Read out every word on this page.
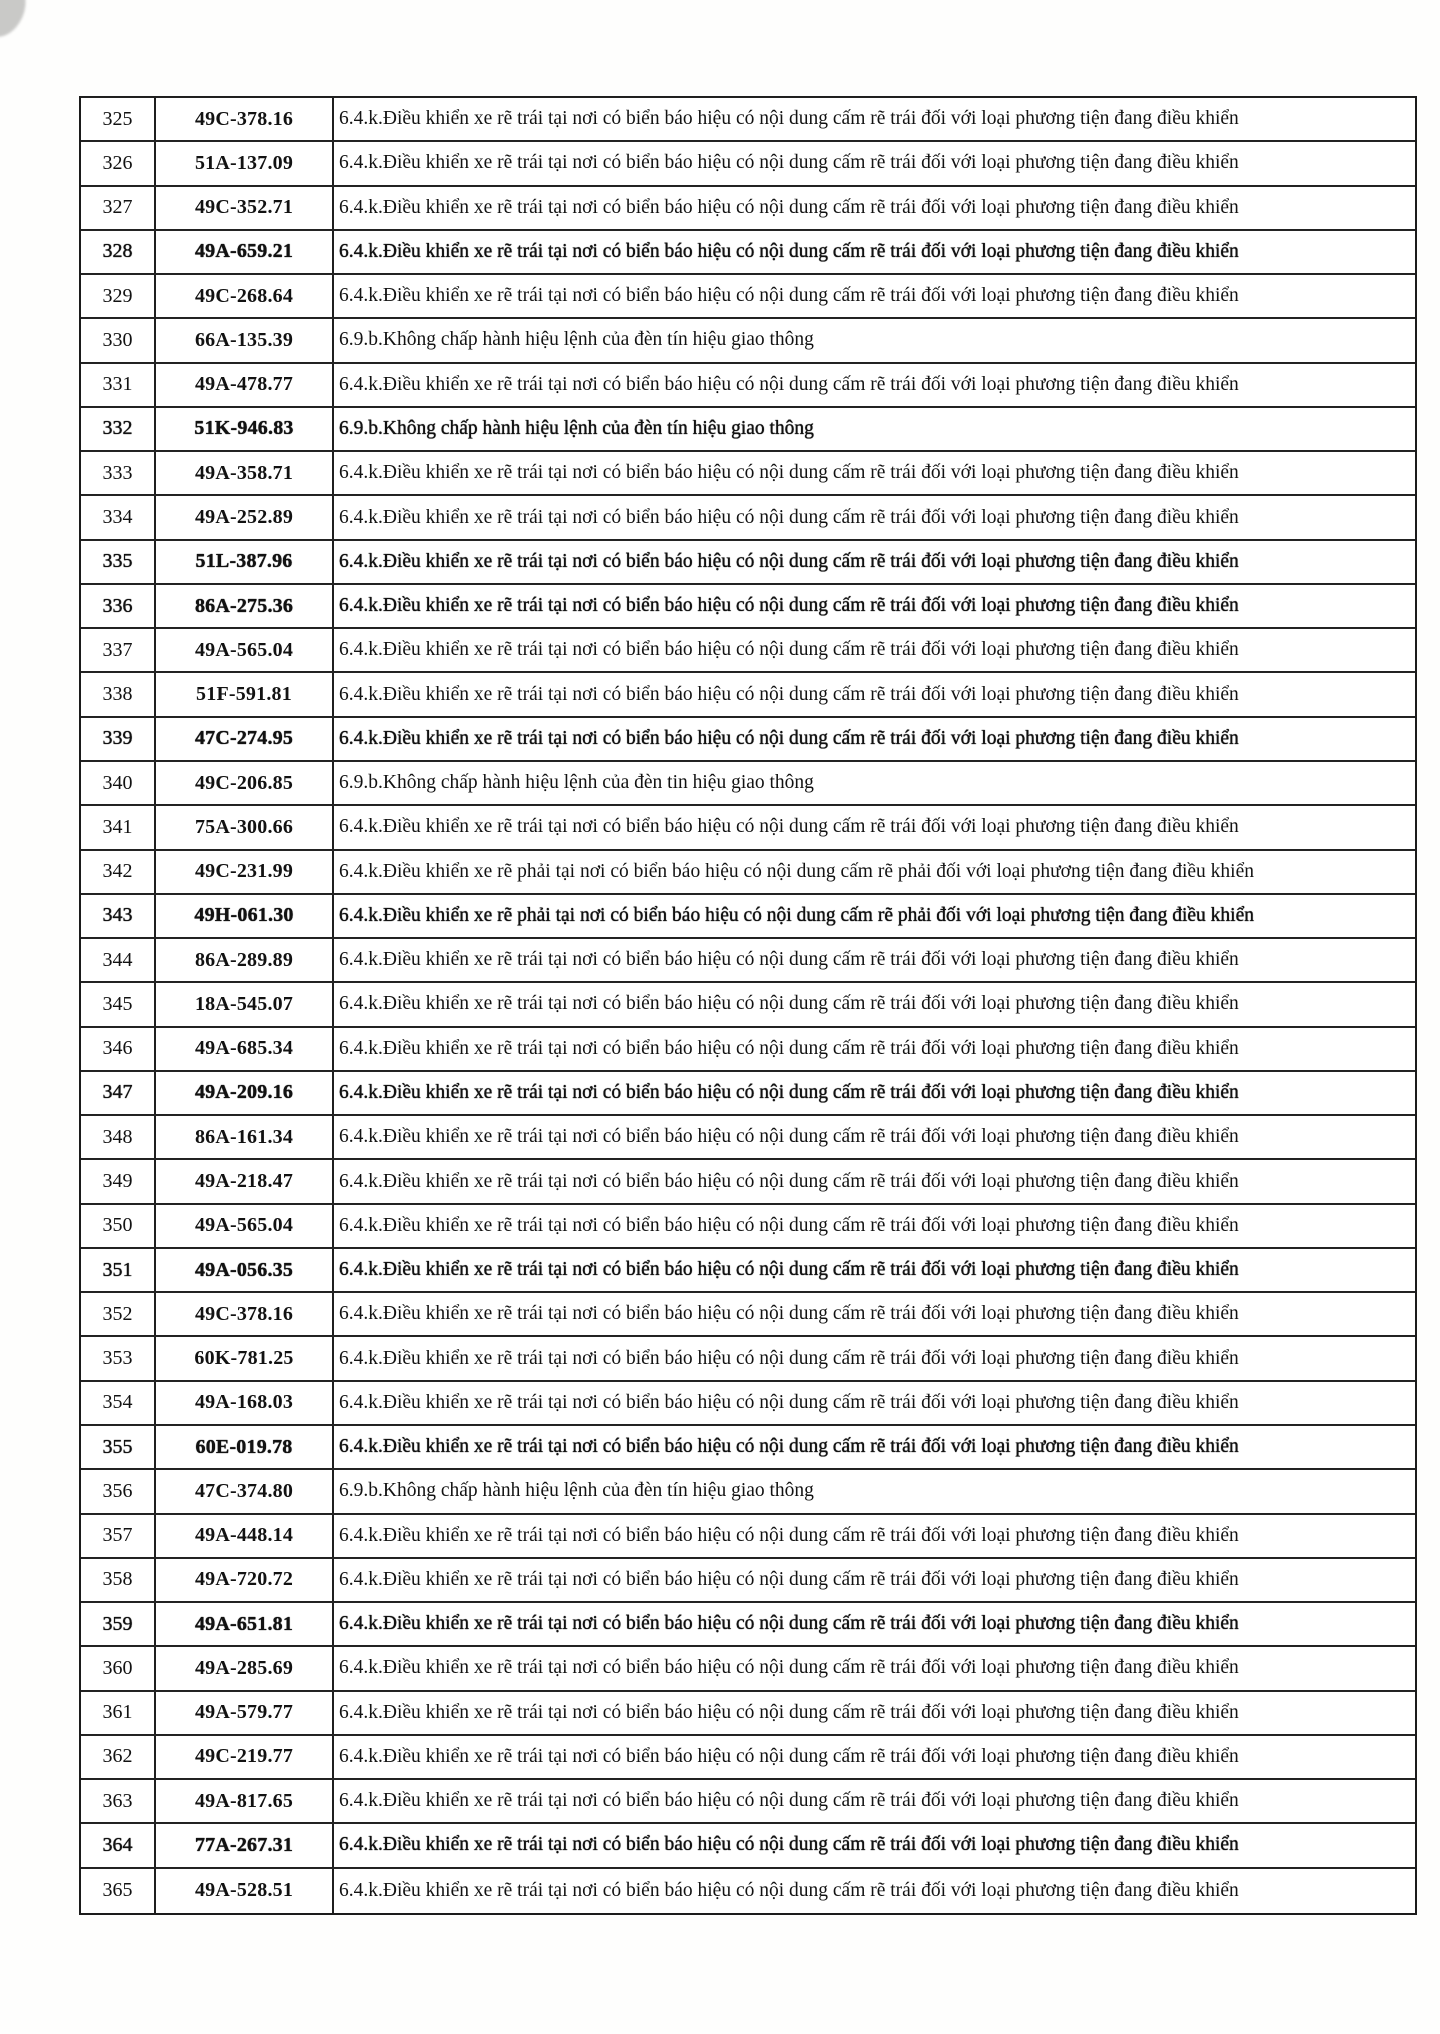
325	49C-378.16	6.4.k.Điều khiển xe rẽ trái tại nơi có biển báo hiệu có nội dung cấm rẽ trái đối với loại phương tiện đang điều khiển
326	51A-137.09	6.4.k.Điều khiển xe rẽ trái tại nơi có biển báo hiệu có nội dung cấm rẽ trái đối với loại phương tiện đang điều khiển
327	49C-352.71	6.4.k.Điều khiển xe rẽ trái tại nơi có biển báo hiệu có nội dung cấm rẽ trái đối với loại phương tiện đang điều khiển
328	49A-659.21	6.4.k.Điều khiển xe rẽ trái tại nơi có biển báo hiệu có nội dung cấm rẽ trái đối với loại phương tiện đang điều khiển
329	49C-268.64	6.4.k.Điều khiển xe rẽ trái tại nơi có biển báo hiệu có nội dung cấm rẽ trái đối với loại phương tiện đang điều khiển
330	66A-135.39	6.9.b.Không chấp hành hiệu lệnh của đèn tín hiệu giao thông
331	49A-478.77	6.4.k.Điều khiển xe rẽ trái tại nơi có biển báo hiệu có nội dung cấm rẽ trái đối với loại phương tiện đang điều khiển
332	51K-946.83	6.9.b.Không chấp hành hiệu lệnh của đèn tín hiệu giao thông
333	49A-358.71	6.4.k.Điều khiển xe rẽ trái tại nơi có biển báo hiệu có nội dung cấm rẽ trái đối với loại phương tiện đang điều khiển
334	49A-252.89	6.4.k.Điều khiển xe rẽ trái tại nơi có biển báo hiệu có nội dung cấm rẽ trái đối với loại phương tiện đang điều khiển
335	51L-387.96	6.4.k.Điều khiển xe rẽ trái tại nơi có biển báo hiệu có nội dung cấm rẽ trái đối với loại phương tiện đang điều khiển
336	86A-275.36	6.4.k.Điều khiển xe rẽ trái tại nơi có biển báo hiệu có nội dung cấm rẽ trái đối với loại phương tiện đang điều khiển
337	49A-565.04	6.4.k.Điều khiển xe rẽ trái tại nơi có biển báo hiệu có nội dung cấm rẽ trái đối với loại phương tiện đang điều khiển
338	51F-591.81	6.4.k.Điều khiển xe rẽ trái tại nơi có biển báo hiệu có nội dung cấm rẽ trái đối với loại phương tiện đang điều khiển
339	47C-274.95	6.4.k.Điều khiển xe rẽ trái tại nơi có biển báo hiệu có nội dung cấm rẽ trái đối với loại phương tiện đang điều khiển
340	49C-206.85	6.9.b.Không chấp hành hiệu lệnh của đèn tin hiệu giao thông
341	75A-300.66	6.4.k.Điều khiển xe rẽ trái tại nơi có biển báo hiệu có nội dung cấm rẽ trái đối với loại phương tiện đang điều khiển
342	49C-231.99	6.4.k.Điều khiển xe rẽ phải tại nơi có biển báo hiệu có nội dung cấm rẽ phải đối với loại phương tiện đang điều khiển
343	49H-061.30	6.4.k.Điều khiển xe rẽ phải tại nơi có biển báo hiệu có nội dung cấm rẽ phải đối với loại phương tiện đang điều khiển
344	86A-289.89	6.4.k.Điều khiển xe rẽ trái tại nơi có biển báo hiệu có nội dung cấm rẽ trái đối với loại phương tiện đang điều khiển
345	18A-545.07	6.4.k.Điều khiển xe rẽ trái tại nơi có biển báo hiệu có nội dung cấm rẽ trái đối với loại phương tiện đang điều khiển
346	49A-685.34	6.4.k.Điều khiển xe rẽ trái tại nơi có biển báo hiệu có nội dung cấm rẽ trái đối với loại phương tiện đang điều khiển
347	49A-209.16	6.4.k.Điều khiển xe rẽ trái tại nơi có biển báo hiệu có nội dung cấm rẽ trái đối với loại phương tiện đang điều khiển
348	86A-161.34	6.4.k.Điều khiển xe rẽ trái tại nơi có biển báo hiệu có nội dung cấm rẽ trái đối với loại phương tiện đang điều khiển
349	49A-218.47	6.4.k.Điều khiển xe rẽ trái tại nơi có biển báo hiệu có nội dung cấm rẽ trái đối với loại phương tiện đang điều khiển
350	49A-565.04	6.4.k.Điều khiển xe rẽ trái tại nơi có biển báo hiệu có nội dung cấm rẽ trái đối với loại phương tiện đang điều khiển
351	49A-056.35	6.4.k.Điều khiển xe rẽ trái tại nơi có biển báo hiệu có nội dung cấm rẽ trái đối với loại phương tiện đang điều khiển
352	49C-378.16	6.4.k.Điều khiển xe rẽ trái tại nơi có biển báo hiệu có nội dung cấm rẽ trái đối với loại phương tiện đang điều khiển
353	60K-781.25	6.4.k.Điều khiển xe rẽ trái tại nơi có biển báo hiệu có nội dung cấm rẽ trái đối với loại phương tiện đang điều khiển
354	49A-168.03	6.4.k.Điều khiển xe rẽ trái tại nơi có biển báo hiệu có nội dung cấm rẽ trái đối với loại phương tiện đang điều khiển
355	60E-019.78	6.4.k.Điều khiển xe rẽ trái tại nơi có biển báo hiệu có nội dung cấm rẽ trái đối với loại phương tiện đang điều khiển
356	47C-374.80	6.9.b.Không chấp hành hiệu lệnh của đèn tín hiệu giao thông
357	49A-448.14	6.4.k.Điều khiển xe rẽ trái tại nơi có biển báo hiệu có nội dung cấm rẽ trái đối với loại phương tiện đang điều khiển
358	49A-720.72	6.4.k.Điều khiển xe rẽ trái tại nơi có biển báo hiệu có nội dung cấm rẽ trái đối với loại phương tiện đang điều khiển
359	49A-651.81	6.4.k.Điều khiển xe rẽ trái tại nơi có biển báo hiệu có nội dung cấm rẽ trái đối với loại phương tiện đang điều khiển
360	49A-285.69	6.4.k.Điều khiển xe rẽ trái tại nơi có biển báo hiệu có nội dung cấm rẽ trái đối với loại phương tiện đang điều khiển
361	49A-579.77	6.4.k.Điều khiển xe rẽ trái tại nơi có biển báo hiệu có nội dung cấm rẽ trái đối với loại phương tiện đang điều khiển
362	49C-219.77	6.4.k.Điều khiển xe rẽ trái tại nơi có biển báo hiệu có nội dung cấm rẽ trái đối với loại phương tiện đang điều khiển
363	49A-817.65	6.4.k.Điều khiển xe rẽ trái tại nơi có biển báo hiệu có nội dung cấm rẽ trái đối với loại phương tiện đang điều khiển
364	77A-267.31	6.4.k.Điều khiển xe rẽ trái tại nơi có biển báo hiệu có nội dung cấm rẽ trái đối với loại phương tiện đang điều khiển
365	49A-528.51	6.4.k.Điều khiển xe rẽ trái tại nơi có biển báo hiệu có nội dung cấm rẽ trái đối với loại phương tiện đang điều khiển
